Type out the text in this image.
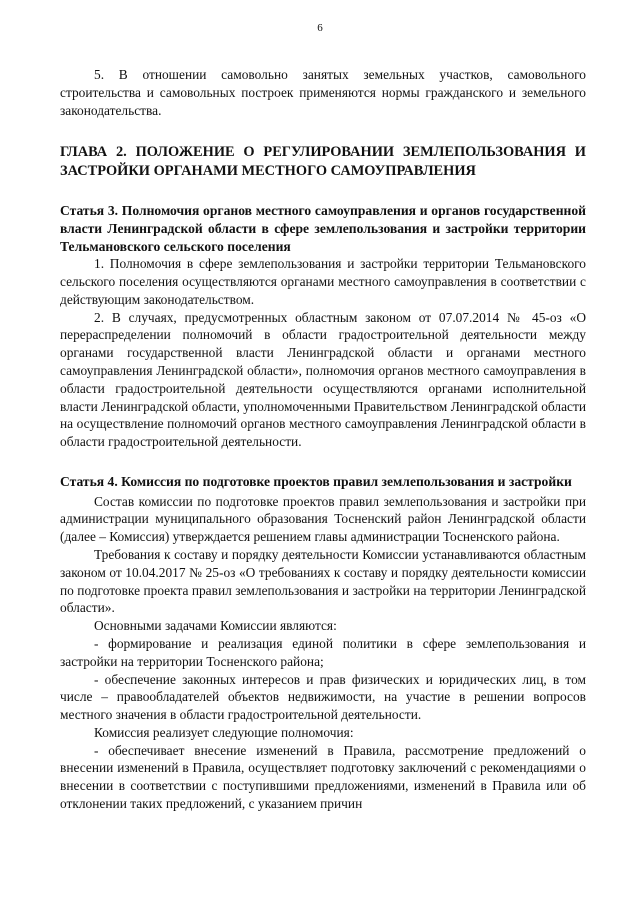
6

5. В отношении самовольно занятых земельных участков, самовольного строительства и самовольных построек применяются нормы гражданского и земельного законодательства.

ГЛАВА 2. ПОЛОЖЕНИЕ О РЕГУЛИРОВАНИИ ЗЕМЛЕПОЛЬЗОВАНИЯ И ЗАСТРОЙКИ ОРГАНАМИ МЕСТНОГО САМОУПРАВЛЕНИЯ

Статья 3. Полномочия органов местного самоуправления и органов государственной власти Ленинградской области в сфере землепользования и застройки территории Тельмановского сельского поселения

1. Полномочия в сфере землепользования и застройки территории Тельмановского сельского поселения осуществляются органами местного самоуправления в соответствии с действующим законодательством.

2. В случаях, предусмотренных областным законом от 07.07.2014 № 45-оз «О перераспределении полномочий в области градостроительной деятельности между органами государственной власти Ленинградской области и органами местного самоуправления Ленинградской области», полномочия органов местного самоуправления в области градостроительной деятельности осуществляются органами исполнительной власти Ленинградской области, уполномоченными Правительством Ленинградской области на осуществление полномочий органов местного самоуправления Ленинградской области в области градостроительной деятельности.

Статья 4. Комиссия по подготовке проектов правил землепользования и застройки

Состав комиссии по подготовке проектов правил землепользования и застройки при администрации муниципального образования Тосненский район Ленинградской области (далее – Комиссия) утверждается решением главы администрации Тосненского района.

Требования к составу и порядку деятельности Комиссии устанавливаются областным законом от 10.04.2017 № 25-оз «О требованиях к составу и порядку деятельности комиссии по подготовке проекта правил землепользования и застройки на территории Ленинградской области».

Основными задачами Комиссии являются:

- формирование и реализация единой политики в сфере землепользования и застройки на территории Тосненского района;

- обеспечение законных интересов и прав физических и юридических лиц, в том числе – правообладателей объектов недвижимости, на участие в решении вопросов местного значения в области градостроительной деятельности.

Комиссия реализует следующие полномочия:

- обеспечивает внесение изменений в Правила, рассмотрение предложений о внесении изменений в Правила, осуществляет подготовку заключений с рекомендациями о внесении в соответствии с поступившими предложениями, изменений в Правила или об отклонении таких предложений, с указанием причин
